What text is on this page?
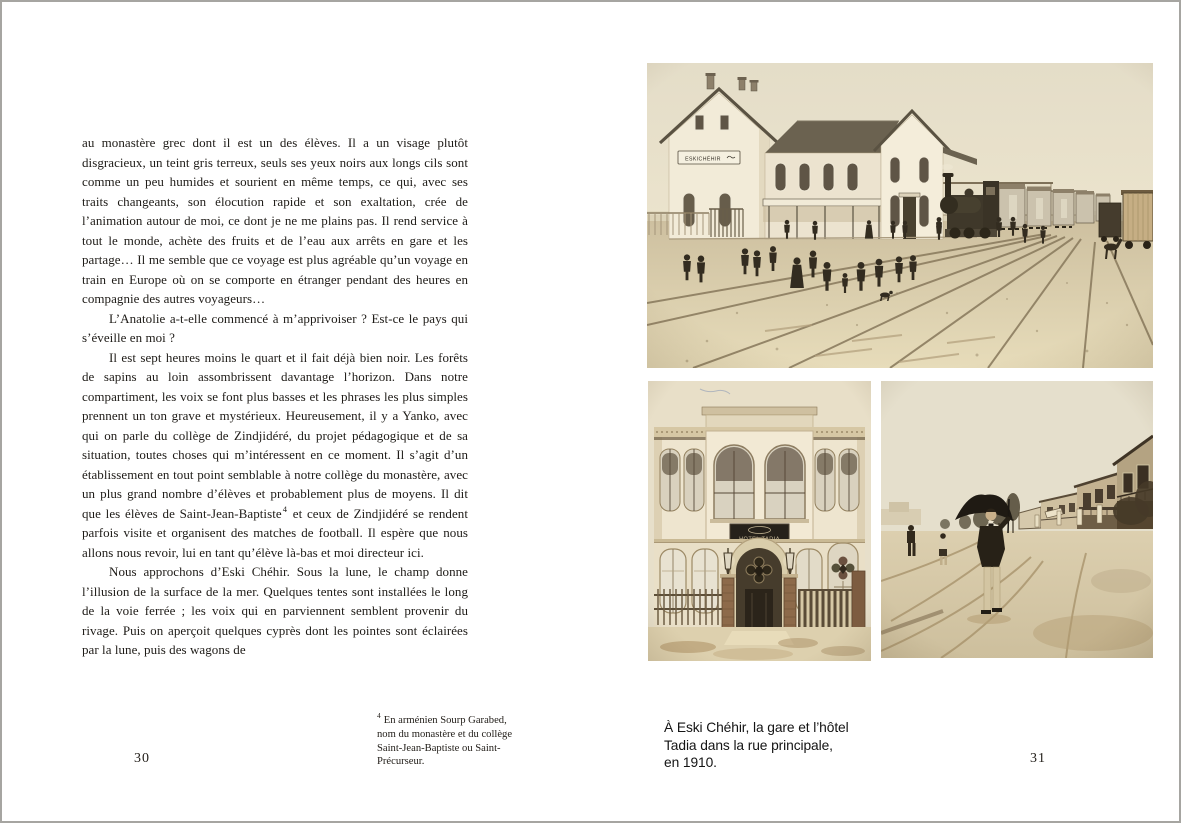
au monastère grec dont il est un des élèves. Il a un visage plutôt disgracieux, un teint gris terreux, seuls ses yeux noirs aux longs cils sont comme un peu humides et sourient en même temps, ce qui, avec ses traits changeants, son élocution rapide et son exaltation, crée de l’animation autour de moi, ce dont je ne me plains pas. Il rend service à tout le monde, achète des fruits et de l’eau aux arrêts en gare et les partage… Il me semble que ce voyage est plus agréable qu’un voyage en train en Europe où on se comporte en étranger pendant des heures en compagnie des autres voyageurs…

L’Anatolie a-t-elle commencé à m’apprivoiser ? Est-ce le pays qui s’éveille en moi ?

Il est sept heures moins le quart et il fait déjà bien noir. Les forêts de sapins au loin assombrissent davantage l’horizon. Dans notre compartiment, les voix se font plus basses et les phrases les plus simples prennent un ton grave et mystérieux. Heureusement, il y a Yanko, avec qui on parle du collège de Zindjidéré, du projet pédagogique et de sa situation, toutes choses qui m’intéressent en ce moment. Il s’agit d’un établissement en tout point semblable à notre collège du monastère, avec un plus grand nombre d’élèves et probablement plus de moyens. Il dit que les élèves de Saint-Jean-Baptiste$^4$ et ceux de Zindjidéré se rendent parfois visite et organisent des matches de football. Il espère que nous allons nous revoir, lui en tant qu’élève là-bas et moi directeur ici.

Nous approchons d’Eski Chéhir. Sous la lune, le champ donne l’illusion de la surface de la mer. Quelques tentes sont installées le long de la voie ferrée ; les voix qui en parviennent semblent provenir du rivage. Puis on aperçoit quelques cyprès dont les pointes sont éclairées par la lune, puis des wagons de

$^4$ En arménien Sourp Garabed, nom du monastère et du collège Saint-Jean-Baptiste ou Saint-Précurseur.
30
À Eski Chéhir, la gare et l’hôtel
Tadia dans la rue principale,
en 1910.	31
